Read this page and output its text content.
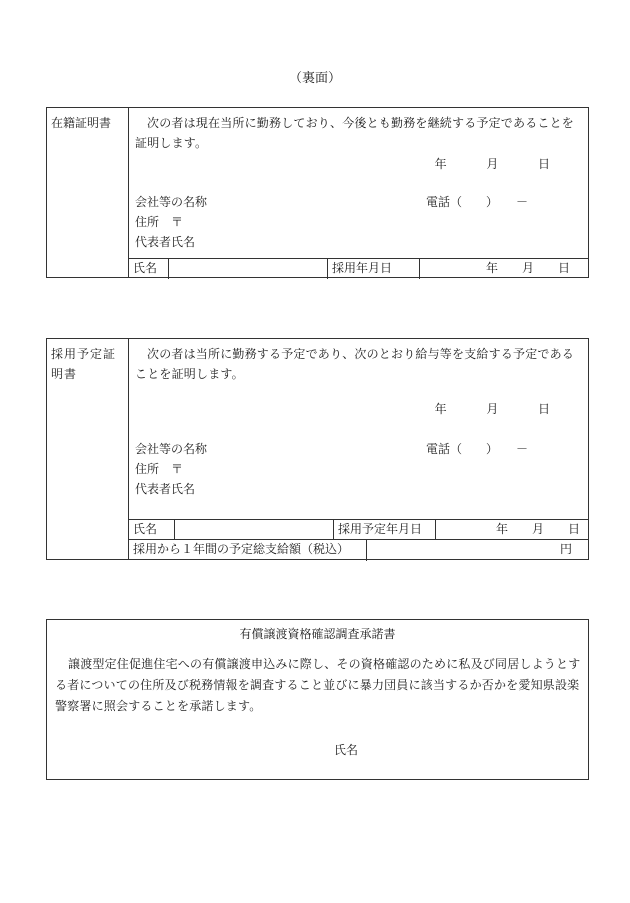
（裏面）
在籍証明書	次の者は現在当所に勤務しており、今後とも勤務を継続する予定であることを証明します。
年	月	日
会社等の名称	電話（　　）　　－
住所　〒
代表者氏名
氏名	採用年月日	年　　月　　日
採用予定証明書
次の者は当所に勤務する予定であり、次のとおり給与等を支給する予定であることを証明します。
年	月	日
会社等の名称	電話（　　）　　－
住所　〒
代表者氏名
氏名	採用予定年月日	年　　月　　日
採用から１年間の予定総支給額（税込）	円
有償譲渡資格確認調査承諾書
譲渡型定住促進住宅への有償譲渡申込みに際し、その資格確認のために私及び同居しようとする者についての住所及び税務情報を調査すること並びに暴力団員に該当するか否かを愛知県設楽警察署に照会することを承諾します。
氏名
